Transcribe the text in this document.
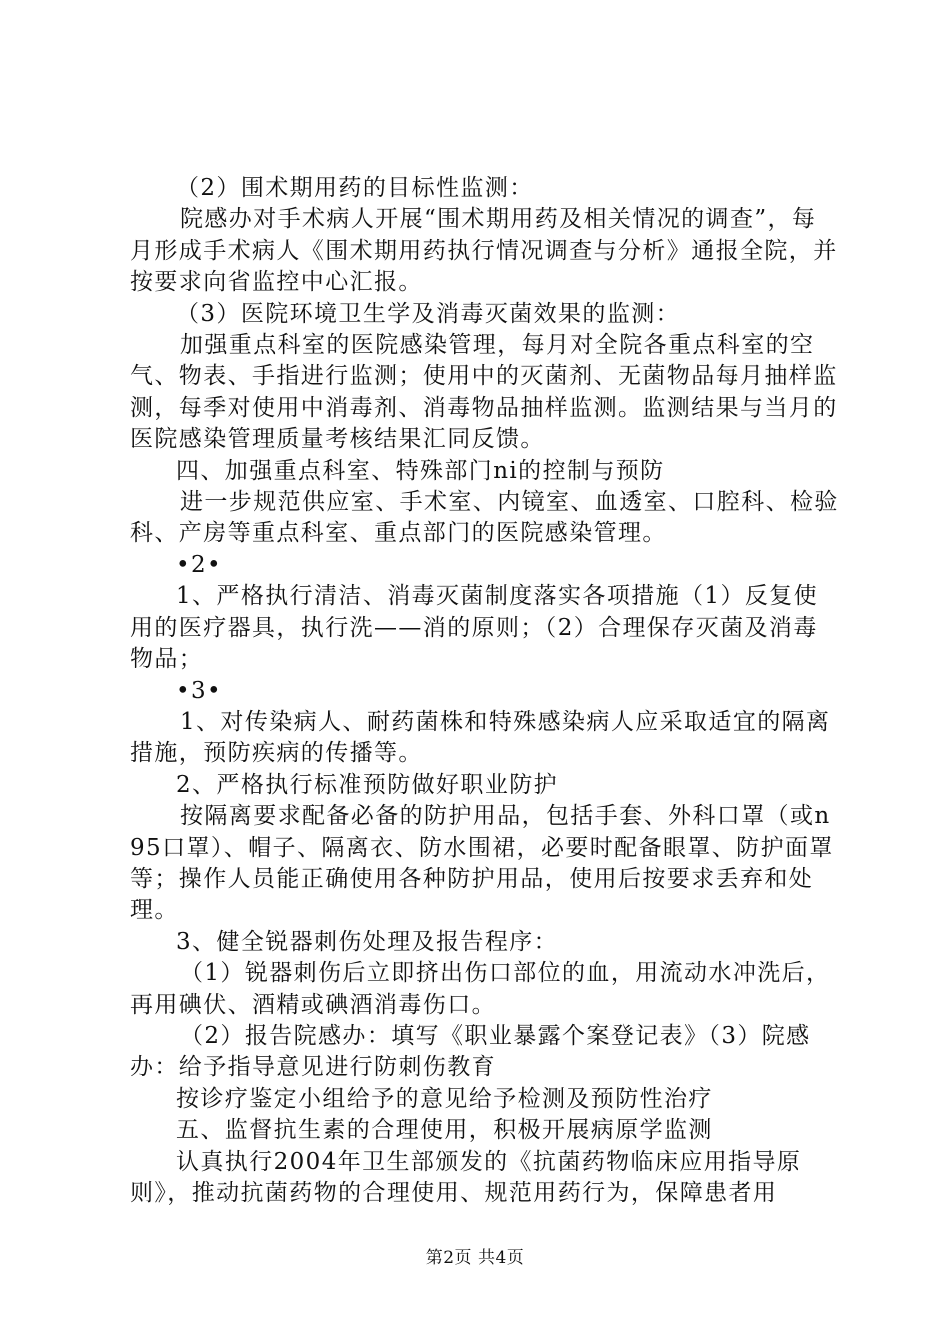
（2）围术期用药的目标性监测：

院感办对手术病人开展“围术期用药及相关情况的调查”，每月形成手术病人《围术期用药执行情况调查与分析》通报全院，并按要求向省监控中心汇报。

（3）医院环境卫生学及消毒灭菌效果的监测：

加强重点科室的医院感染管理，每月对全院各重点科室的空气、物表、手指进行监测；使用中的灭菌剂、无菌物品每月抽样监测，每季对使用中消毒剂、消毒物品抽样监测。监测结果与当月的医院感染管理质量考核结果汇同反馈。

四、加强重点科室、特殊部门ni的控制与预防

进一步规范供应室、手术室、内镜室、血透室、口腔科、检验科、产房等重点科室、重点部门的医院感染管理。

•2•

1、严格执行清洁、消毒灭菌制度落实各项措施（1）反复使用的医疗器具，执行洗——消的原则；（2）合理保存灭菌及消毒物品；

•3•

1、对传染病人、耐药菌株和特殊感染病人应采取适宜的隔离措施，预防疾病的传播等。

2、严格执行标准预防做好职业防护

按隔离要求配备必备的防护用品，包括手套、外科口罩（或n95口罩）、帽子、隔离衣、防水围裙，必要时配备眼罩、防护面罩等；操作人员能正确使用各种防护用品，使用后按要求丢弃和处理。

3、健全锐器刺伤处理及报告程序：

（1）锐器刺伤后立即挤出伤口部位的血，用流动水冲洗后，再用碘伏、酒精或碘酒消毒伤口。

（2）报告院感办：填写《职业暴露个案登记表》（3）院感办：给予指导意见进行防刺伤教育

按诊疗鉴定小组给予的意见给予检测及预防性治疗

五、监督抗生素的合理使用，积极开展病原学监测

认真执行2004年卫生部颁发的《抗菌药物临床应用指导原则》，推动抗菌药物的合理使用、规范用药行为，保障患者用

第2页 共4页
